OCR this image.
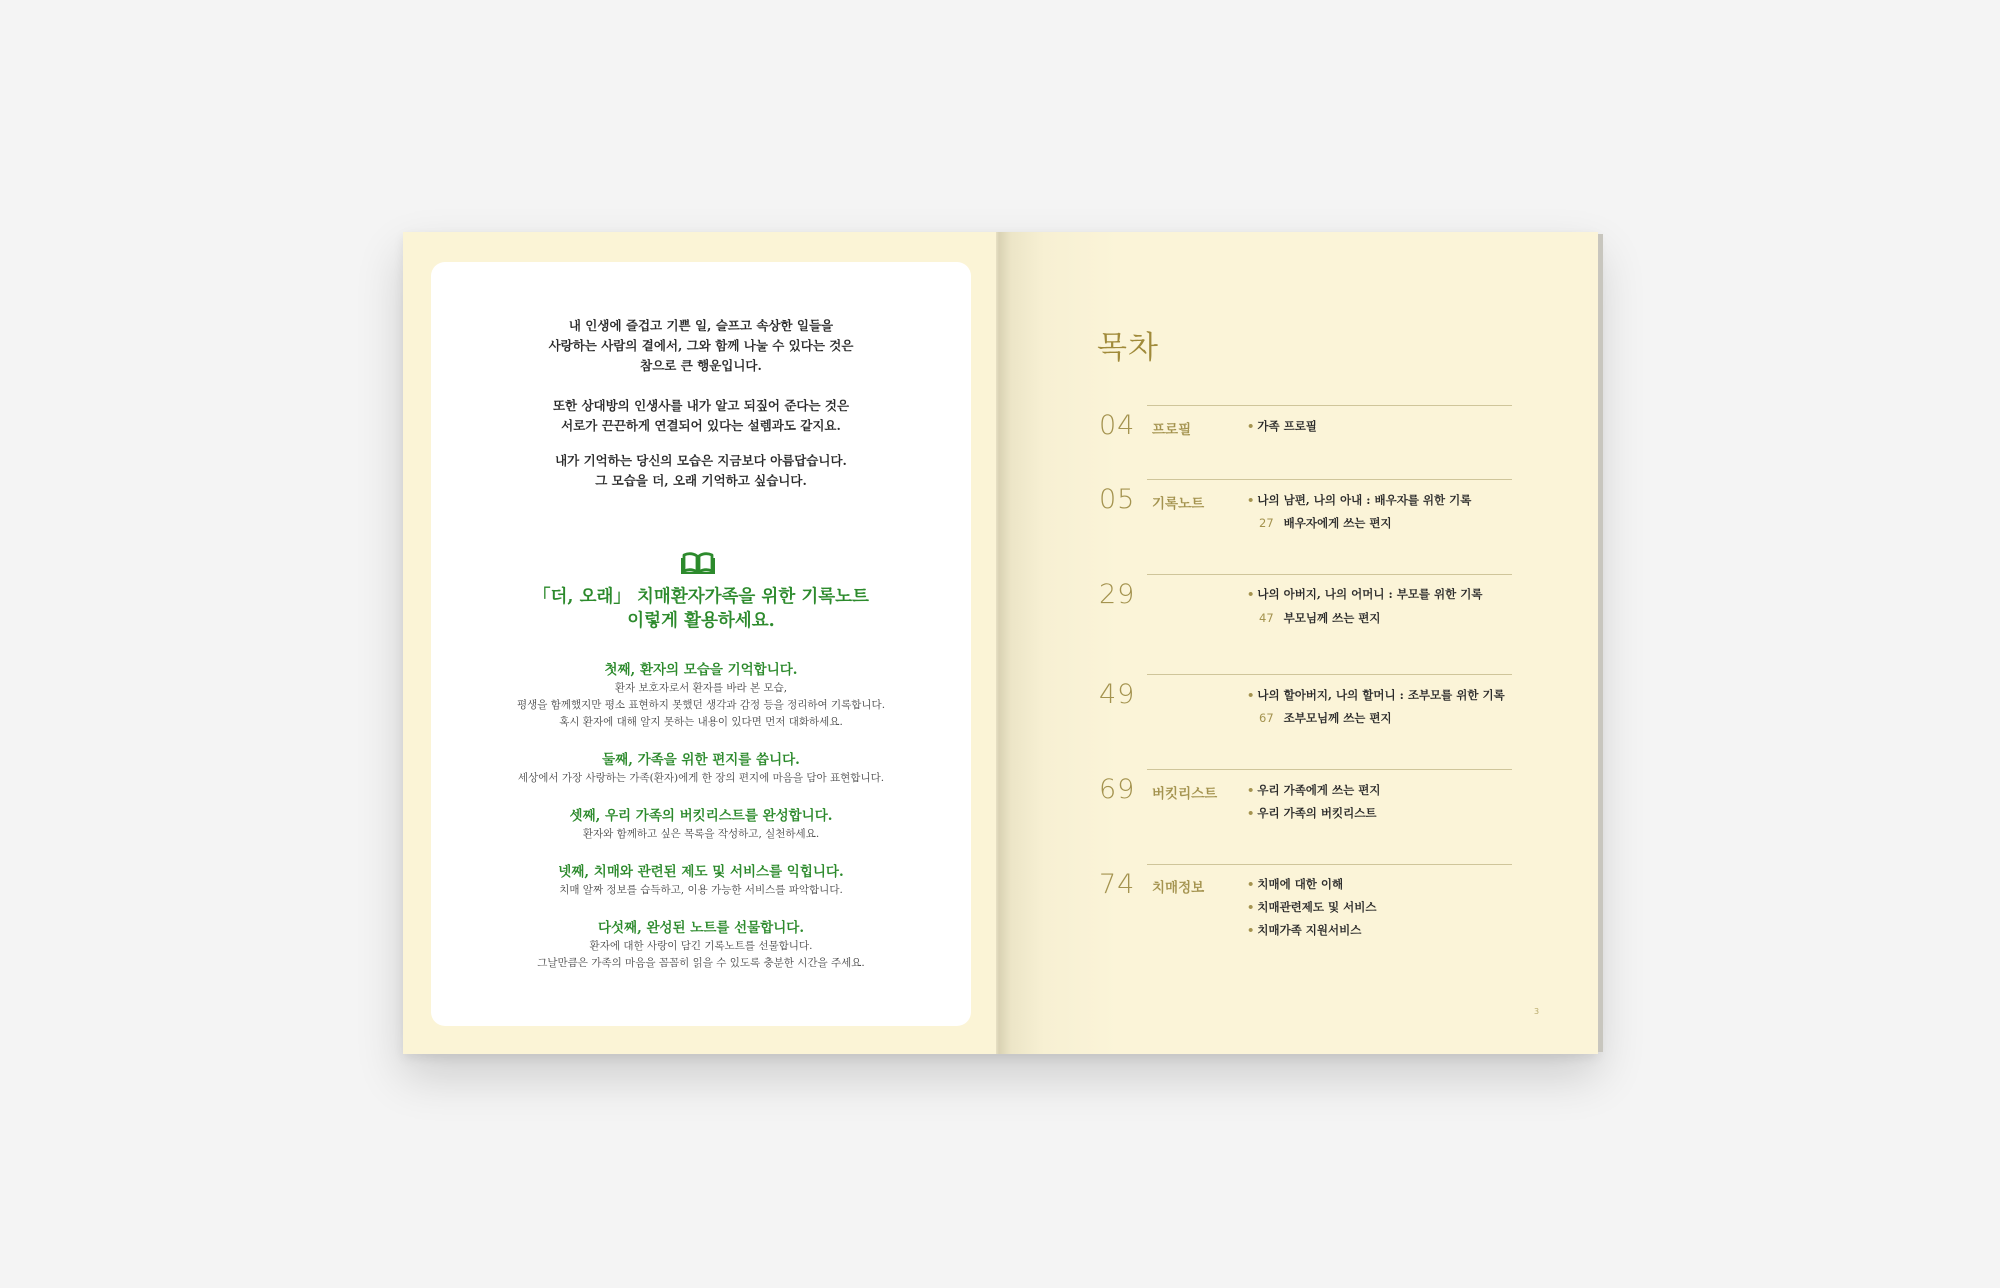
내 인생에 즐겁고 기쁜 일, 슬프고 속상한 일들을

사랑하는 사람의 곁에서, 그와 함께 나눌 수 있다는 것은

참으로 큰 행운입니다.

또한 상대방의 인생사를 내가 알고 되짚어 준다는 것은

서로가 끈끈하게 연결되어 있다는 설렘과도 같지요.

내가 기억하는 당신의 모습은 지금보다 아름답습니다.

그 모습을 더, 오래 기억하고 싶습니다.

「더, 오래」 치매환자가족을 위한 기록노트
이렇게 활용하세요.
첫째, 환자의 모습을 기억합니다.
환자 보호자로서 환자를 바라 본 모습,
평생을 함께했지만 평소 표현하지 못했던 생각과 감정 등을 정리하여 기록합니다.
혹시 환자에 대해 알지 못하는 내용이 있다면 먼저 대화하세요.
둘째, 가족을 위한 편지를 씁니다.
세상에서 가장 사랑하는 가족(환자)에게 한 장의 편지에 마음을 담아 표현합니다.
셋째, 우리 가족의 버킷리스트를 완성합니다.
환자와 함께하고 싶은 목록을 작성하고, 실천하세요.
넷째, 치매와 관련된 제도 및 서비스를 익힙니다.
치매 알짜 정보를 습득하고, 이용 가능한 서비스를 파악합니다.
다섯째, 완성된 노트를 선물합니다.
환자에 대한 사랑이 담긴 기록노트를 선물합니다.
그날만큼은 가족의 마음을 꼼꼼히 읽을 수 있도록 충분한 시간을 주세요.
목차
04 프로필	• 가족 프로필
05 기록노트	• 나의 남편, 나의 아내 : 배우자를 위한 기록
27 배우자에게 쓰는 편지
29	• 나의 아버지, 나의 어머니 : 부모를 위한 기록
47 부모님께 쓰는 편지
49	• 나의 할아버지, 나의 할머니 : 조부모를 위한 기록
67 조부모님께 쓰는 편지
69 버킷리스트	• 우리 가족에게 쓰는 편지
• 우리 가족의 버킷리스트
74 치매정보	• 치매에 대한 이해
• 치매관련제도 및 서비스
• 치매가족 지원서비스
3
